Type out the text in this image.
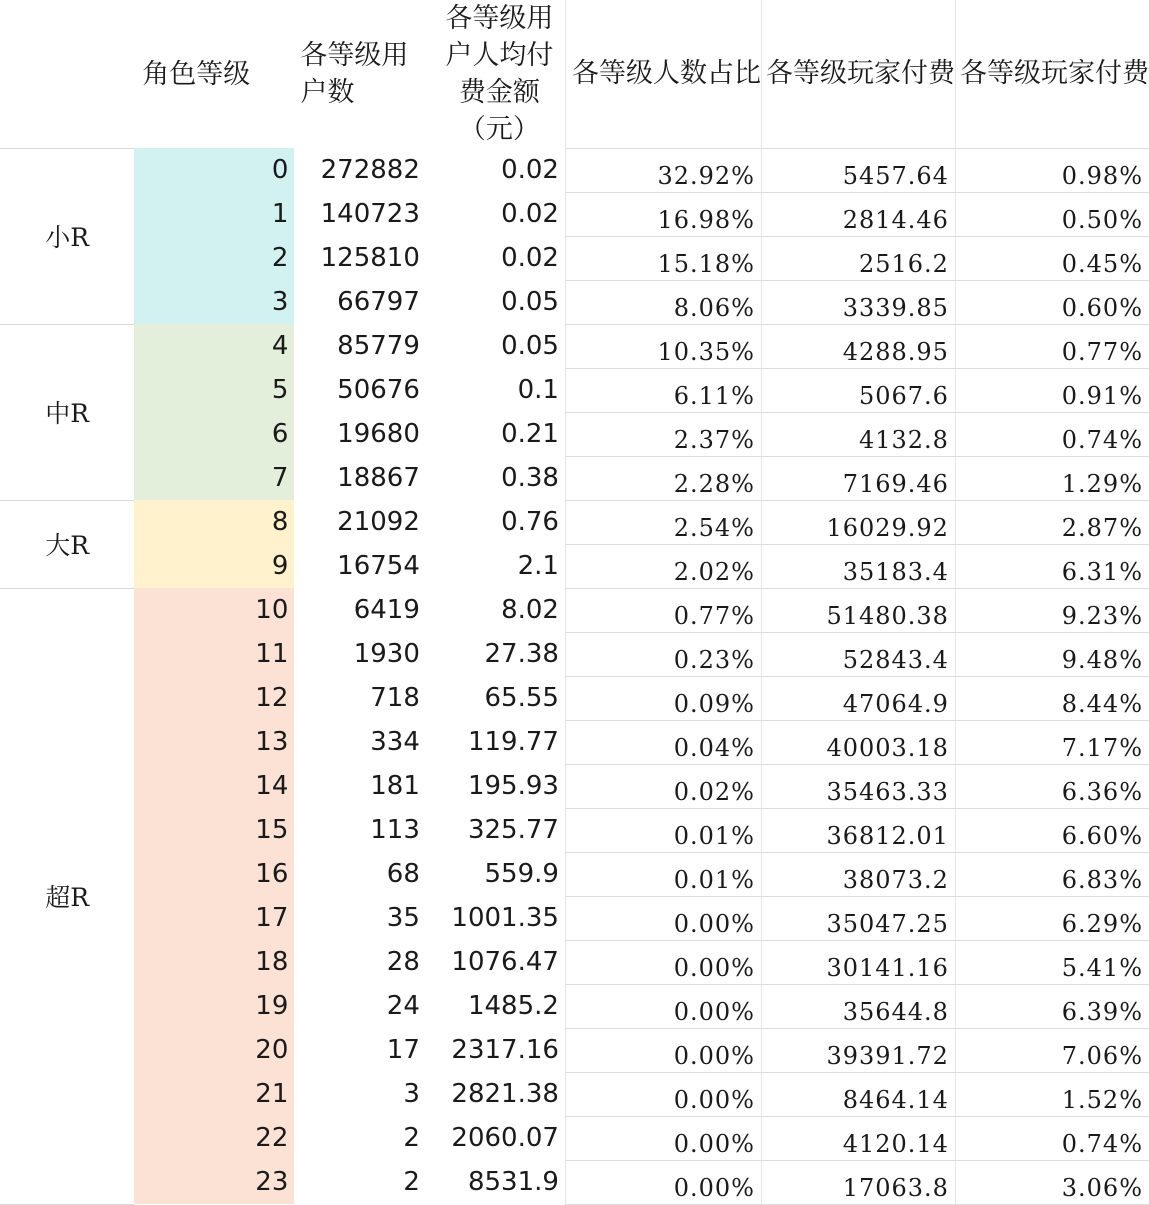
	角色等级	各等级用户数	各等级用户人均付费金额（元）	各等级人数占比	各等级玩家付费	各等级玩家付费
小R	0	272882	0.02	32.92%	5457.64	0.98%
	1	140723	0.02	16.98%	2814.46	0.50%
	2	125810	0.02	15.18%	2516.2	0.45%
	3	66797	0.05	8.06%	3339.85	0.60%
中R	4	85779	0.05	10.35%	4288.95	0.77%
	5	50676	0.1	6.11%	5067.6	0.91%
	6	19680	0.21	2.37%	4132.8	0.74%
	7	18867	0.38	2.28%	7169.46	1.29%
大R	8	21092	0.76	2.54%	16029.92	2.87%
	9	16754	2.1	2.02%	35183.4	6.31%
超R	10	6419	8.02	0.77%	51480.38	9.23%
	11	1930	27.38	0.23%	52843.4	9.48%
	12	718	65.55	0.09%	47064.9	8.44%
	13	334	119.77	0.04%	40003.18	7.17%
	14	181	195.93	0.02%	35463.33	6.36%
	15	113	325.77	0.01%	36812.01	6.60%
	16	68	559.9	0.01%	38073.2	6.83%
	17	35	1001.35	0.00%	35047.25	6.29%
	18	28	1076.47	0.00%	30141.16	5.41%
	19	24	1485.2	0.00%	35644.8	6.39%
	20	17	2317.16	0.00%	39391.72	7.06%
	21	3	2821.38	0.00%	8464.14	1.52%
	22	2	2060.07	0.00%	4120.14	0.74%
	23	2	8531.9	0.00%	17063.8	3.06%
